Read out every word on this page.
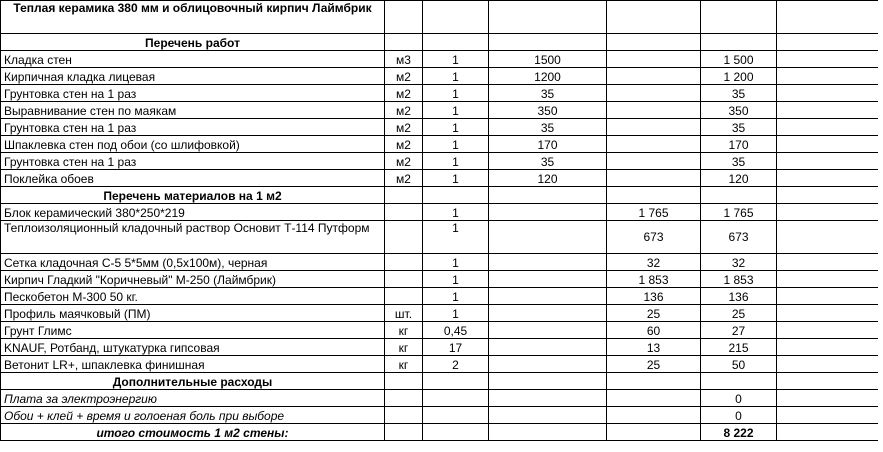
Теплая керамика 380 мм и облицовочный кирпич Лаймбрик						
Перечень работ						
Кладка стен	м3	1	1500		1 500	
Кирпичная кладка лицевая	м2	1	1200		1 200	
Грунтовка стен на 1 раз	м2	1	35		35	
Выравнивание стен по маякам	м2	1	350		350	
Грунтовка стен на 1 раз	м2	1	35		35	
Шпаклевка стен под обои (со шлифовкой)	м2	1	170		170	
Грунтовка стен на 1 раз	м2	1	35		35	
Поклейка обоев	м2	1	120		120	
Перечень материалов на 1 м2						
Блок керамический 380*250*219		1		1 765	1 765	
Теплоизоляционный кладочный раствор Основит Т-114 Путформ		1		673	673	
Сетка кладочная С-5 5*5мм (0,5х100м), черная		1		32	32	
Кирпич Гладкий "Коричневый" М-250 (Лаймбрик)		1		1 853	1 853	
Пескобетон М-300 50 кг.		1		136	136	
Профиль маячковый (ПМ)	шт.	1		25	25	
Грунт Глимс	кг	0,45		60	27	
KNAUF, Ротбанд, штукатурка гипсовая	кг	17		13	215	
Ветонит LR+, шпаклевка финишная	кг	2		25	50	
Дополнительные расходы						
Плата за электроэнергию					0	
Обои + клей + время и голоеная боль при выборе					0	
итого стоимость 1 м2 стены:					8 222	
